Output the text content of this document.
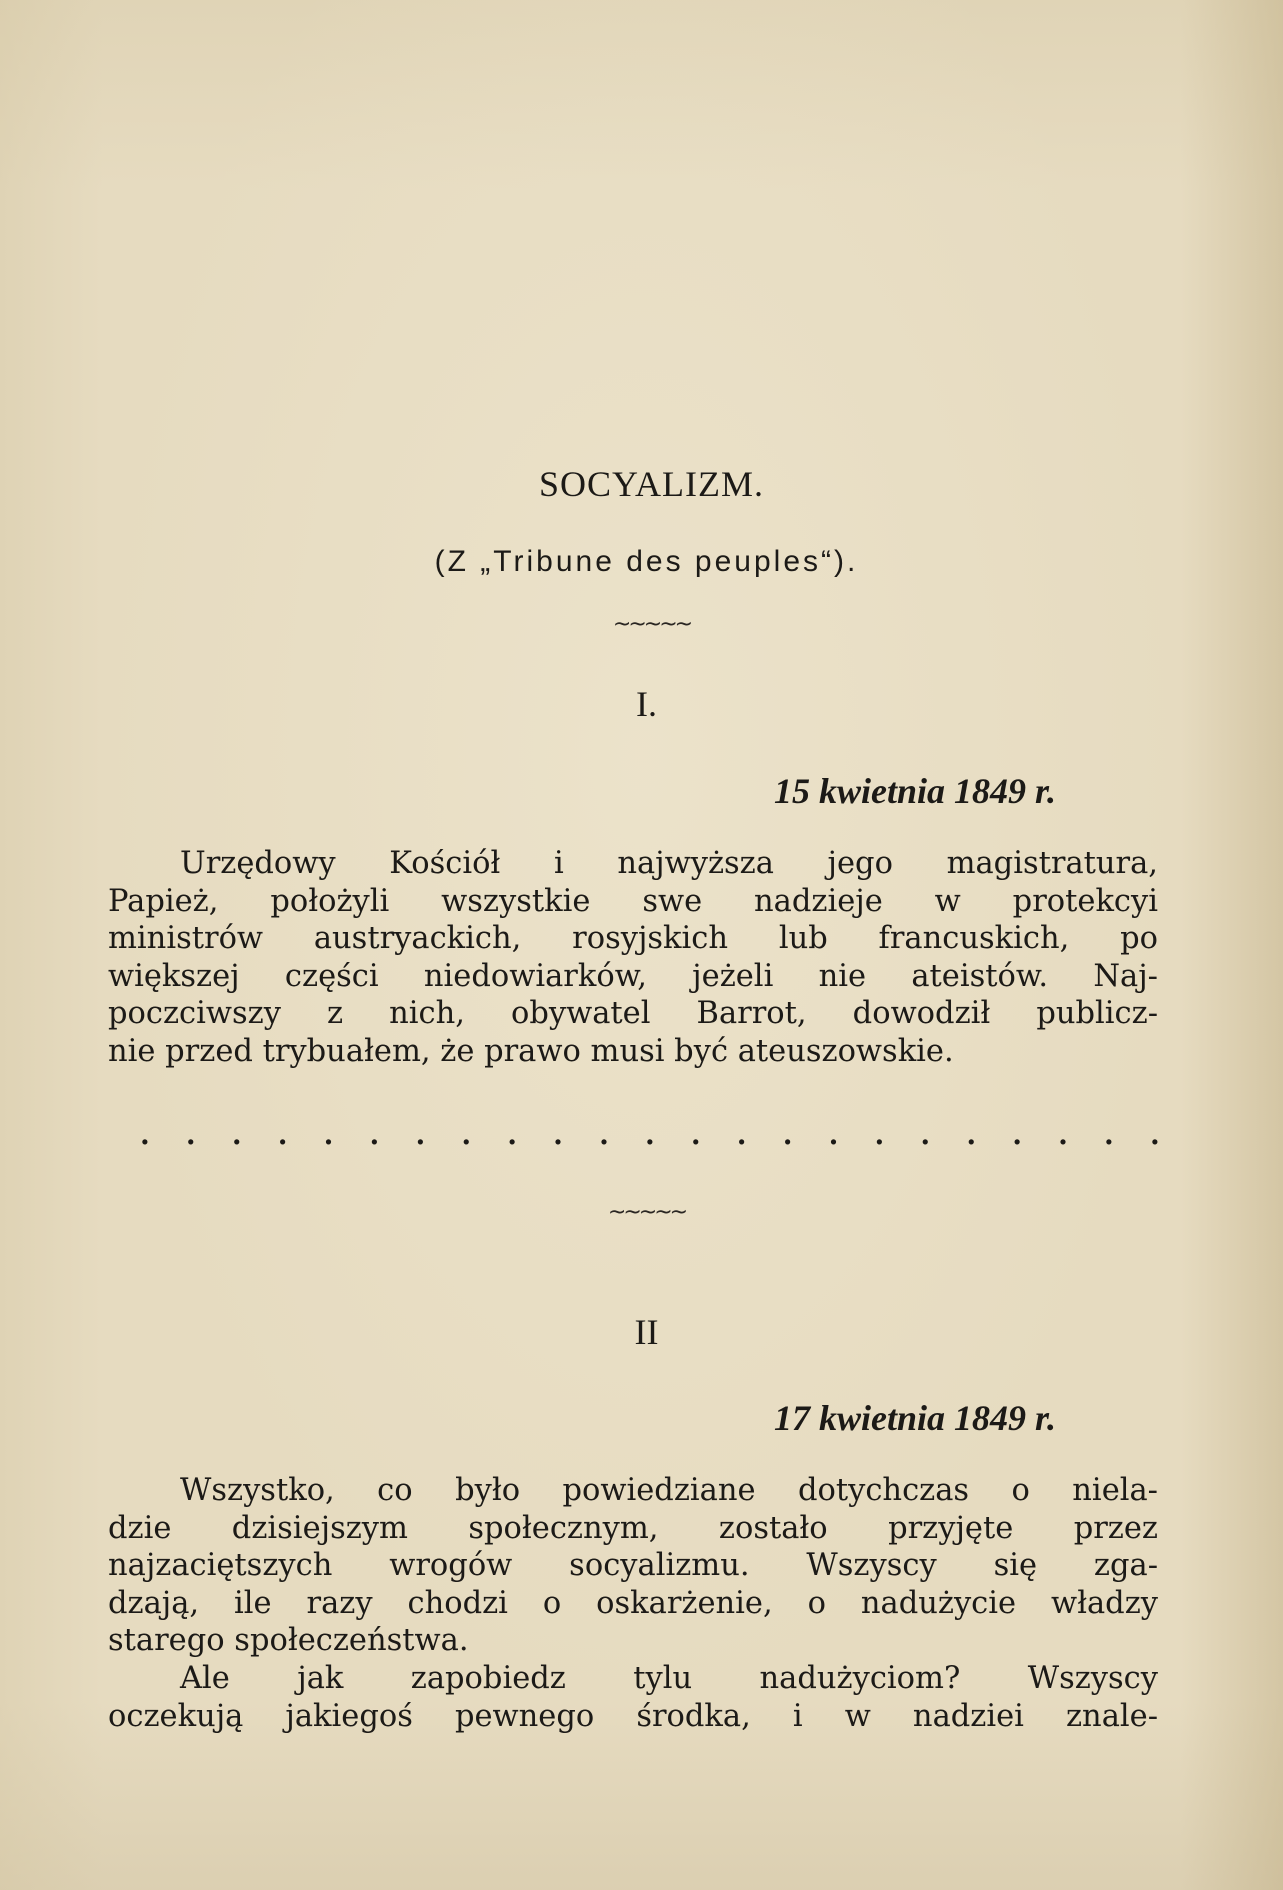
SOCYALIZM.
(Z „Tribune des peuples“).
~~~~~
I.
15 kwietnia 1849 r.
Urzędowy Kościół i najwyższa jego magistratura,
Papież, położyli wszystkie swe nadzieje w protekcyi
ministrów austryackich, rosyjskich lub francuskich, po
większej części niedowiarków, jeżeli nie ateistów. Naj-
poczciwszy z nich, obywatel Barrot, dowodził publicz-
nie przed trybuałem, że prawo musi być ateuszowskie.
. . . . . . . . . . . . . . . . . . . . . . .
~~~~~
II
17 kwietnia 1849 r.
Wszystko, co było powiedziane dotychczas o niela-
dzie dzisiejszym społecznym, zostało przyjęte przez
najzaciętszych wrogów socyalizmu. Wszyscy się zga-
dzają, ile razy chodzi o oskarżenie, o nadużycie władzy
starego społeczeństwa.
Ale jak zapobiedz tylu nadużyciom? Wszyscy
oczekują jakiegoś pewnego środka, i w nadziei znale-
